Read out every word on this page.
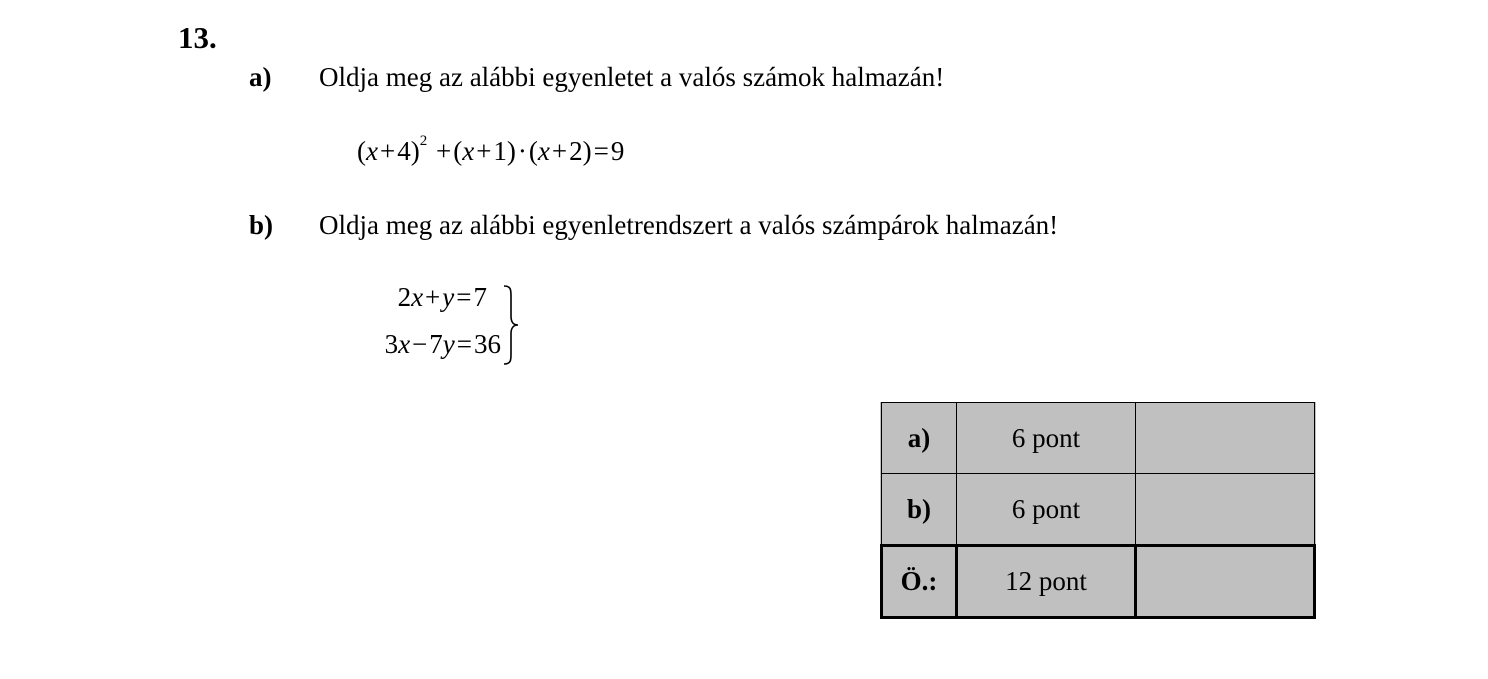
13.
a) Oldja meg az alábbi egyenletet a valós számok halmazán!
$(x+4)^2 +(x+1)\cdot(x+2)=9$
b) Oldja meg az alábbi egyenletrendszert a valós számpárok halmazán!
2x+y=7
3x−7y=36
a)	6 pont	
b)	6 pont	
Ö.:	12 pont	
